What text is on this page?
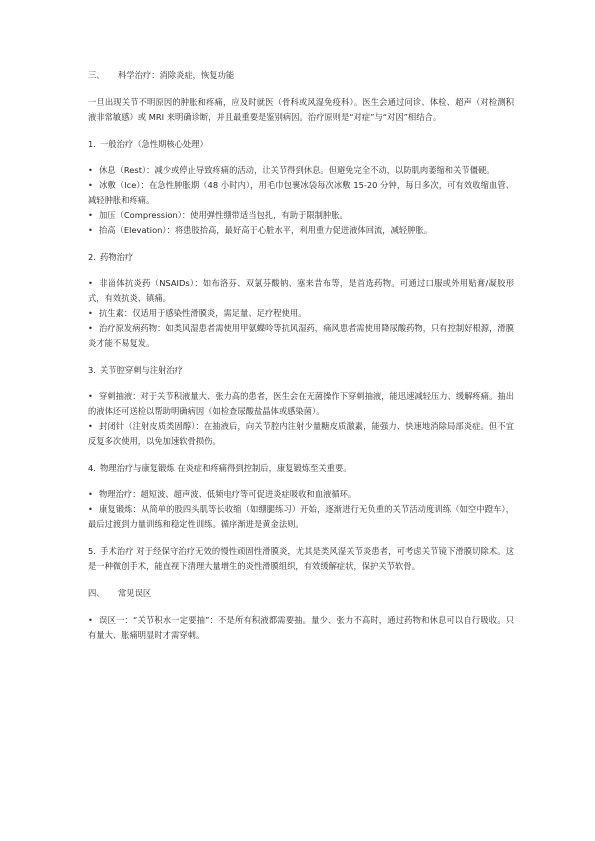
三、 科学治疗：消除炎症，恢复功能

一旦出现关节不明原因的肿胀和疼痛，应及时就医（骨科或风湿免疫科）。医生会通过问诊、体检、超声（对检测积液非常敏感）或 MRI 来明确诊断，并且最重要是鉴别病因。治疗原则是“对症”与“对因”相结合。

1. 一般治疗（急性期核心处理）

• 休息（Rest）：减少或停止导致疼痛的活动，让关节得到休息。但避免完全不动，以防肌肉萎缩和关节僵硬。

• 冰敷（Ice）：在急性肿胀期（48 小时内），用毛巾包裹冰袋每次冰敷 15-20 分钟，每日多次，可有效收缩血管、减轻肿胀和疼痛。

• 加压（Compression）：使用弹性绷带适当包扎，有助于限制肿胀。

• 抬高（Elevation）：将患肢抬高，最好高于心脏水平，利用重力促进液体回流，减轻肿胀。

2. 药物治疗

• 非甾体抗炎药（NSAIDs）：如布洛芬、双氯芬酸钠、塞来昔布等，是首选药物。可通过口服或外用贴膏/凝胶形式，有效抗炎、镇痛。

• 抗生素：仅适用于感染性滑膜炎，需足量、足疗程使用。

• 治疗原发病药物：如类风湿患者需使用甲氨蝶呤等抗风湿药，痛风患者需使用降尿酸药物，只有控制好根源，滑膜炎才能不易复发。

3. 关节腔穿刺与注射治疗

• 穿刺抽液：对于关节积液量大、张力高的患者，医生会在无菌操作下穿刺抽液，能迅速减轻压力、缓解疼痛。抽出的液体还可送检以帮助明确病因（如检查尿酸盐晶体或感染菌）。

• 封闭针（注射皮质类固醇）：在抽液后，向关节腔内注射少量糖皮质激素，能强力、快速地消除局部炎症。但不宜反复多次使用，以免加速软骨损伤。

4. 物理治疗与康复锻炼 在炎症和疼痛得到控制后，康复锻炼至关重要。

• 物理治疗：超短波、超声波、低频电疗等可促进炎症吸收和血液循环。

• 康复锻炼：从简单的股四头肌等长收缩（如绷腿练习）开始，逐渐进行无负重的关节活动度训练（如空中蹬车），最后过渡到力量训练和稳定性训练。循序渐进是黄金法则。

5. 手术治疗 对于经保守治疗无效的慢性顽固性滑膜炎，尤其是类风湿关节炎患者，可考虑关节镜下滑膜切除术。这是一种微创手术，能直视下清理大量增生的炎性滑膜组织，有效缓解症状，保护关节软骨。

四、 常见误区

• 误区一：“关节积水一定要抽”：不是所有积液都需要抽。量少、张力不高时，通过药物和休息可以自行吸收。只有量大、胀痛明显时才需穿刺。
